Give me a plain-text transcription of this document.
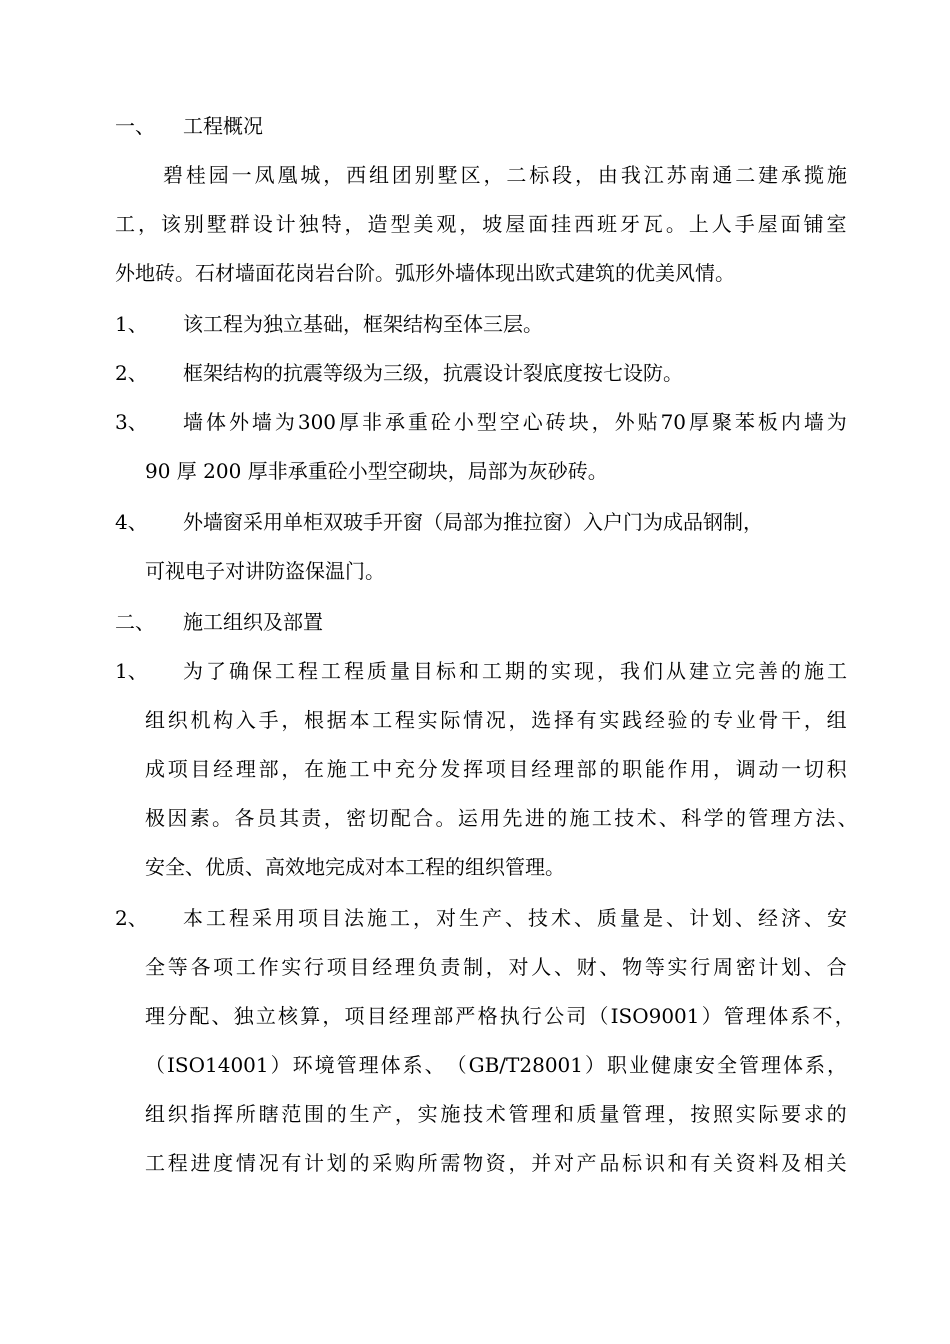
一、 工程概况
碧 桂 园 一 凤 凰 城 ， 西 组 团 别 墅 区 ， 二 标 段 ， 由 我 江 苏 南 通 二 建 承 揽 施
工 ， 该 别 墅 群 设 计 独 特 ， 造 型 美 观 ， 坡 屋 面 挂 西 班 牙 瓦 。 上 人 手 屋 面 铺 室
外地砖。石材墙面花岗岩台阶。弧形外墙体现出欧式建筑的优美风情。
1、 该工程为独立基础，框架结构至体三层。
2、 框架结构的抗震等级为三级，抗震设计裂底度按七设防。
3、 墙 体 外 墙 为 300 厚 非 承 重 砼 小 型 空 心 砖 块 ， 外 贴 70 厚 聚 苯 板 内 墙 为
90 厚 200 厚非承重砼小型空砌块，局部为灰砂砖。
4、 外墙窗采用单柜双玻手开窗（局部为推拉窗）入户门为成品钢制，
可视电子对讲防盗保温门。
二、 施工组织及部置
1、 为 了 确 保 工 程 工 程 质 量 目 标 和 工 期 的 实 现 ， 我 们 从 建 立 完 善 的 施 工
组 织 机 构 入 手 ， 根 据 本 工 程 实 际 情 况 ， 选 择 有 实 践 经 验 的 专 业 骨 干 ， 组
成 项 目 经 理 部 ， 在 施 工 中 充 分 发 挥 项 目 经 理 部 的 职 能 作 用 ， 调 动 一 切 积
极 因 素 。 各 员 其 责 ， 密 切 配 合 。 运 用 先 进 的 施 工 技 术 、 科 学 的 管 理 方 法 、
安全、优质、高效地完成对本工程的组织管理。
2、 本 工 程 采 用 项 目 法 施 工 ， 对 生 产 、 技 术 、 质 量 是 、 计 划 、 经 济 、 安
全 等 各 项 工 作 实 行 项 目 经 理 负 责 制 ， 对 人 、 财 、 物 等 实 行 周 密 计 划 、 合
理 分 配 、 独 立 核 算 ， 项 目 经 理 部 严 格 执 行 公 司 （ ISO9001 ） 管 理 体 系 不 ，
（ ISO14001 ） 环 境 管 理 体 系 、 （ GB/T28001 ） 职 业 健 康 安 全 管 理 体 系 ，
组 织 指 挥 所 瞎 范 围 的 生 产 ， 实 施 技 术 管 理 和 质 量 管 理 ， 按 照 实 际 要 求 的
工 程 进 度 情 况 有 计 划 的 采 购 所 需 物 资 ， 并 对 产 品 标 识 和 有 关 资 料 及 相 关
